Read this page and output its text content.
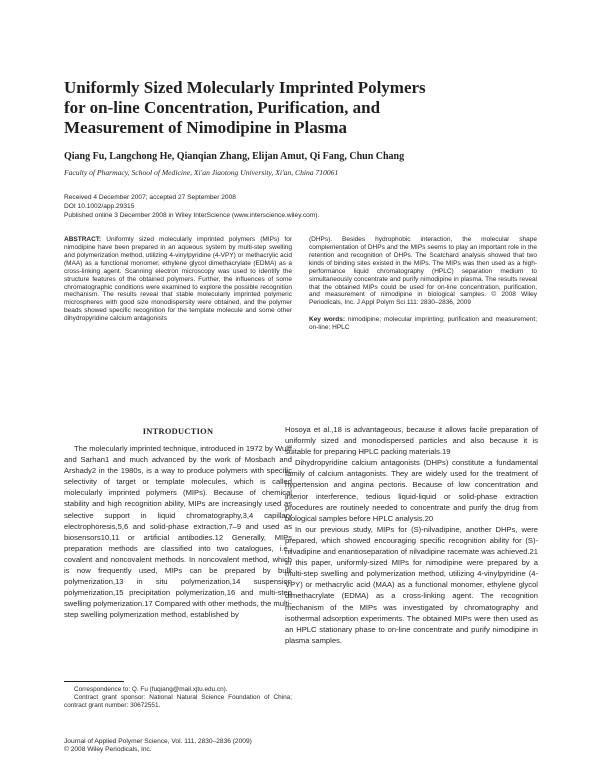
Uniformly Sized Molecularly Imprinted Polymers
for on-line Concentration, Purification, and
Measurement of Nimodipine in Plasma
Qiang Fu, Langchong He, Qianqian Zhang, Elijan Amut, Qi Fang, Chun Chang
Faculty of Pharmacy, School of Medicine, Xi'an Jiaotong University, Xi'an, China 710061
Received 4 December 2007; accepted 27 September 2008
DOI 10.1002/app.29315
Published online 3 December 2008 in Wiley InterScience (www.interscience.wiley.com).
ABSTRACT: Uniformly sized molecularly imprinted polymers (MIPs) for nimodipine have been prepared in an aqueous system by multi-step swelling and polymerization method, utilizing 4-vinylpyridine (4-VPY) or methacrylic acid (MAA) as a functional monomer, ethylene glycol dimethacrylate (EDMA) as a cross-linking agent. Scanning electron microscopy was used to identify the structure features of the obtained polymers. Further, the influences of some chromatographic conditions were examined to explore the possible recognition mechanism. The results reveal that stable molecularly imprinted polymeric microspheres with good size monodispersity were obtained, and the polymer beads showed specific recognition for the template molecule and some other dihydropyridine calcium antagonists
(DHPs). Besides hydrophobic interaction, the molecular shape complementation of DHPs and the MIPs seems to play an important role in the retention and recognition of DHPs. The Scatchard analysis showed that two kinds of binding sites existed in the MIPs. The MIPs was then used as a high-performance liquid chromatography (HPLC) separation medium to simultaneously concentrate and purify nimodipine in plasma. The results reveal that the obtained MIPs could be used for on-line concentration, purification, and measurement of nimodipine in biological samples. © 2008 Wiley Periodicals, Inc. J Appl Polym Sci 111: 2830–2836, 2009
Key words: nimodipine; molecular imprinting; purification and measurement; on-line; HPLC
INTRODUCTION
The molecularly imprinted technique, introduced in 1972 by Wulff and Sarhan1 and much advanced by the work of Mosbach and Arshady2 in the 1980s, is a way to produce polymers with specific selectivity of target or template molecules, which is called molecularly imprinted polymers (MIPs). Because of chemical stability and high recognition ability, MIPs are increasingly used as selective support in liquid chromatography,3,4 capillary electrophoresis,5,6 and solid-phase extraction,7–9 and used as biosensors10,11 or artificial antibodies.12 Generally, MIPs preparation methods are classified into two catalogues, i.e., covalent and noncovalent methods. In noncovalent method, which is now frequently used, MIPs can be prepared by bulk polymerization,13 in situ polymerization,14 suspension polymerization,15 precipitation polymerization,16 and multi-step swelling polymerization.17 Compared with other methods, the multi-step swelling polymerization method, established by

Hosoya et al.,18 is advantageous, because it allows facile preparation of uniformly sized and monodispersed particles and also because it is suitable for preparing HPLC packing materials.19

Dihydropyridine calcium antagonists (DHPs) constitute a fundamental family of calcium antagonists. They are widely used for the treatment of hypertension and angina pectoris. Because of low concentration and interior interference, tedious liquid-liquid or solid-phase extraction procedures are routinely needed to concentrate and purify the drug from biological samples before HPLC analysis.20

In our previous study, MIPs for (S)-nilvadipine, another DHPs, were prepared, which showed encouraging specific recognition ability for (S)-nilvadipine and enantioseparation of nilvadipine racemate was achieved.21 In this paper, uniformly-sized MIPs for nimodipine were prepared by a multi-step swelling and polymerization method, utilizing 4-vinylpyridine (4-VPY) or methacrylic acid (MAA) as a functional monomer, ethylene glycol dimethacrylate (EDMA) as a cross-linking agent. The recognition mechanism of the MIPs was investigated by chromatography and isothermal adsorption experiments. The obtained MIPs were then used as an HPLC stationary phase to on-line concentrate and purify nimodipine in plasma samples.

Correspondence to: Q. Fu (fuqiang@mail.xjtu.edu.cn).
Contract grant sponsor: National Natural Science Foundation of China; contract grant number: 30672551.
Journal of Applied Polymer Science, Vol. 111, 2830–2836 (2009)
© 2008 Wiley Periodicals, Inc.
